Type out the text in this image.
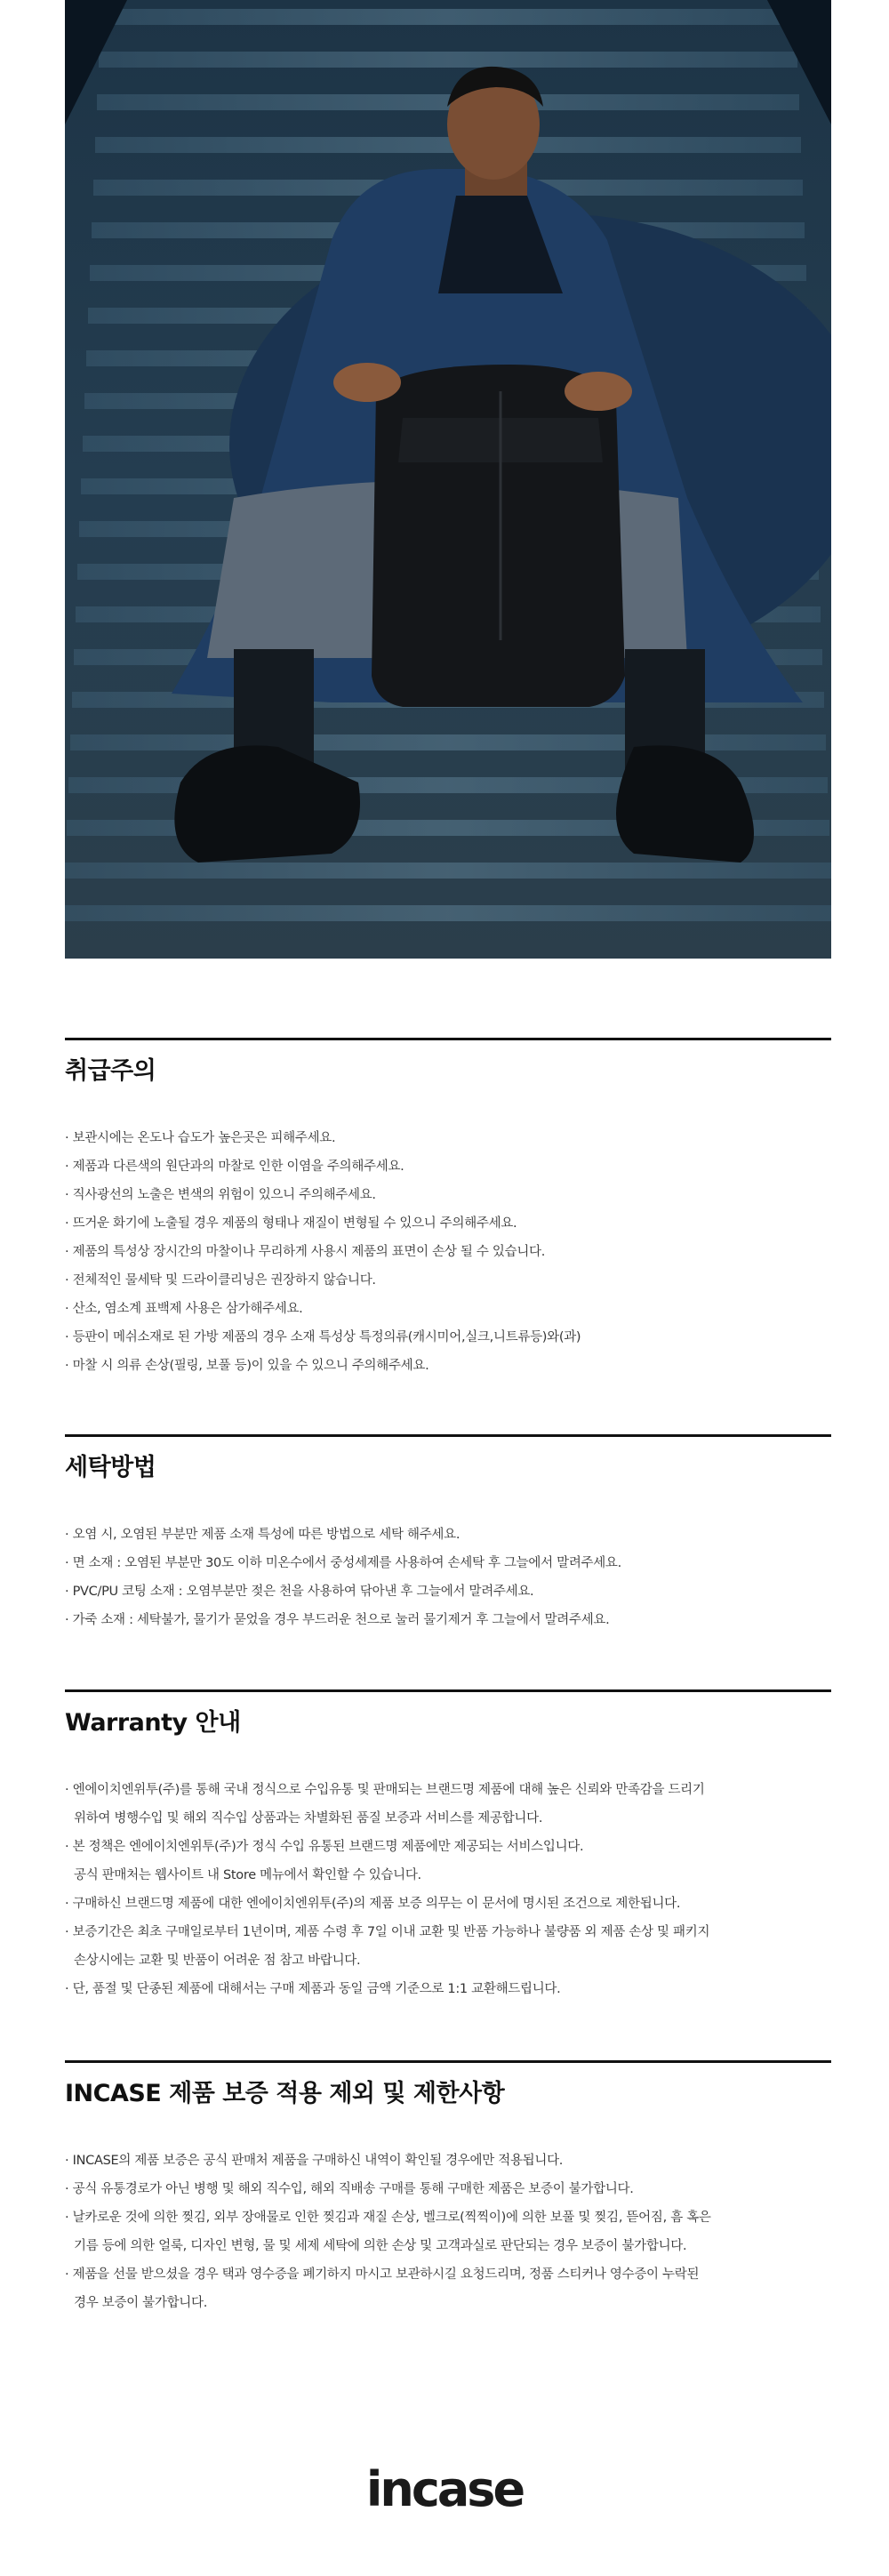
취급주의
· 보관시에는 온도나 습도가 높은곳은 피해주세요.
· 제품과 다른색의 원단과의 마찰로 인한 이염을 주의해주세요.
· 직사광선의 노출은 변색의 위험이 있으니 주의해주세요.
· 뜨거운 화기에 노출될 경우 제품의 형태나 재질이 변형될 수 있으니 주의해주세요.
· 제품의 특성상 장시간의 마찰이나 무리하게 사용시 제품의 표면이 손상 될 수 있습니다.
· 전체적인 물세탁 및 드라이클리닝은 권장하지 않습니다.
· 산소, 염소계 표백제 사용은 삼가해주세요.
· 등판이 메쉬소재로 된 가방 제품의 경우 소재 특성상 특정의류(캐시미어,실크,니트류등)와(과)
· 마찰 시 의류 손상(필링, 보풀 등)이 있을 수 있으니 주의해주세요.
세탁방법
· 오염 시, 오염된 부분만 제품 소재 특성에 따른 방법으로 세탁 해주세요.
· 면 소재 : 오염된 부분만 30도 이하 미온수에서 중성세제를 사용하여 손세탁 후 그늘에서 말려주세요.
· PVC/PU 코팅 소재 : 오염부분만 젖은 천을 사용하여 닦아낸 후 그늘에서 말려주세요.
· 가죽 소재 : 세탁불가, 물기가 묻었을 경우 부드러운 천으로 눌러 물기제거 후 그늘에서 말려주세요.
Warranty 안내
· 엔에이치엔위투(주)를 통해 국내 정식으로 수입유통 및 판매되는 브랜드명 제품에 대해 높은 신뢰와 만족감을 드리기
위하여 병행수입 및 해외 직수입 상품과는 차별화된 품질 보증과 서비스를 제공합니다.
· 본 정책은 엔에이치엔위투(주)가 정식 수입 유통된 브랜드명 제품에만 제공되는 서비스입니다.
공식 판매처는 웹사이트 내 Store 메뉴에서 확인할 수 있습니다.
· 구매하신 브랜드명 제품에 대한 엔에이치엔위투(주)의 제품 보증 의무는 이 문서에 명시된 조건으로 제한됩니다.
· 보증기간은 최초 구매일로부터 1년이며, 제품 수령 후 7일 이내 교환 및 반품 가능하나 불량품 외 제품 손상 및 패키지
손상시에는 교환 및 반품이 어려운 점 참고 바랍니다.
· 단, 품절 및 단종된 제품에 대해서는 구매 제품과 동일 금액 기준으로 1:1 교환해드립니다.
INCASE 제품 보증 적용 제외 및 제한사항
· INCASE의 제품 보증은 공식 판매처 제품을 구매하신 내역이 확인될 경우에만 적용됩니다.
· 공식 유통경로가 아닌 병행 및 해외 직수입, 해외 직배송 구매를 통해 구매한 제품은 보증이 불가합니다.
· 날카로운 것에 의한 찢김, 외부 장애물로 인한 찢김과 재질 손상, 벨크로(찍찍이)에 의한 보풀 및 찢김, 뜯어짐, 흠 혹은
기름 등에 의한 얼룩, 디자인 변형, 물 및 세제 세탁에 의한 손상 및 고객과실로 판단되는 경우 보증이 불가합니다.
· 제품을 선물 받으셨을 경우 택과 영수증을 폐기하지 마시고 보관하시길 요청드리며, 정품 스티커나 영수증이 누락된
경우 보증이 불가합니다.
incase
